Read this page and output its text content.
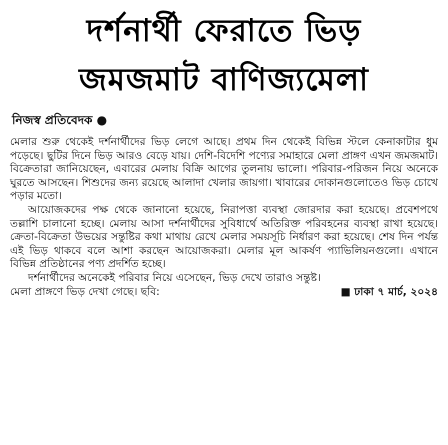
দর্শনার্থী ফেরাতে ভিড়
জমজমাট বাণিজ্যমেলা
নিজস্ব প্রতিবেদক ●

মেলার শুরু থেকেই দর্শনার্থীদের ভিড় লেগে আছে। প্রথম দিন থেকেই বিভিন্ন স্টলে কেনাকাটার ধুম পড়েছে। ছুটির দিনে ভিড় আরও বেড়ে যায়। দেশি-বিদেশি পণ্যের সমাহারে মেলা প্রাঙ্গণ এখন জমজমাট। বিক্রেতারা জানিয়েছেন, এবারের মেলায় বিক্রি আগের তুলনায় ভালো। পরিবার-পরিজন নিয়ে অনেকে ঘুরতে আসছেন। শিশুদের জন্য রয়েছে আলাদা খেলার জায়গা। খাবারের দোকানগুলোতেও ভিড় চোখে পড়ার মতো।

আয়োজকদের পক্ষ থেকে জানানো হয়েছে, নিরাপত্তা ব্যবস্থা জোরদার করা হয়েছে। প্রবেশপথে তল্লাশি চালানো হচ্ছে। মেলায় আসা দর্শনার্থীদের সুবিধার্থে অতিরিক্ত পরিবহনের ব্যবস্থা রাখা হয়েছে। ক্রেতা-বিক্রেতা উভয়ের সন্তুষ্টির কথা মাথায় রেখে মেলার সময়সূচি নির্ধারণ করা হয়েছে। শেষ দিন পর্যন্ত এই ভিড় থাকবে বলে আশা করছেন আয়োজকরা। মেলার মূল আকর্ষণ প্যাভিলিয়নগুলো। এখানে বিভিন্ন প্রতিষ্ঠানের পণ্য প্রদর্শিত হচ্ছে।

দর্শনার্থীদের অনেকেই পরিবার নিয়ে এসেছেন, ভিড় দেখে তারাও সন্তুষ্ট।

মেলা প্রাঙ্গণে ভিড় দেখা গেছে। ছবি:	■ ঢাকা ৭ মার্চ, ২০২৪
